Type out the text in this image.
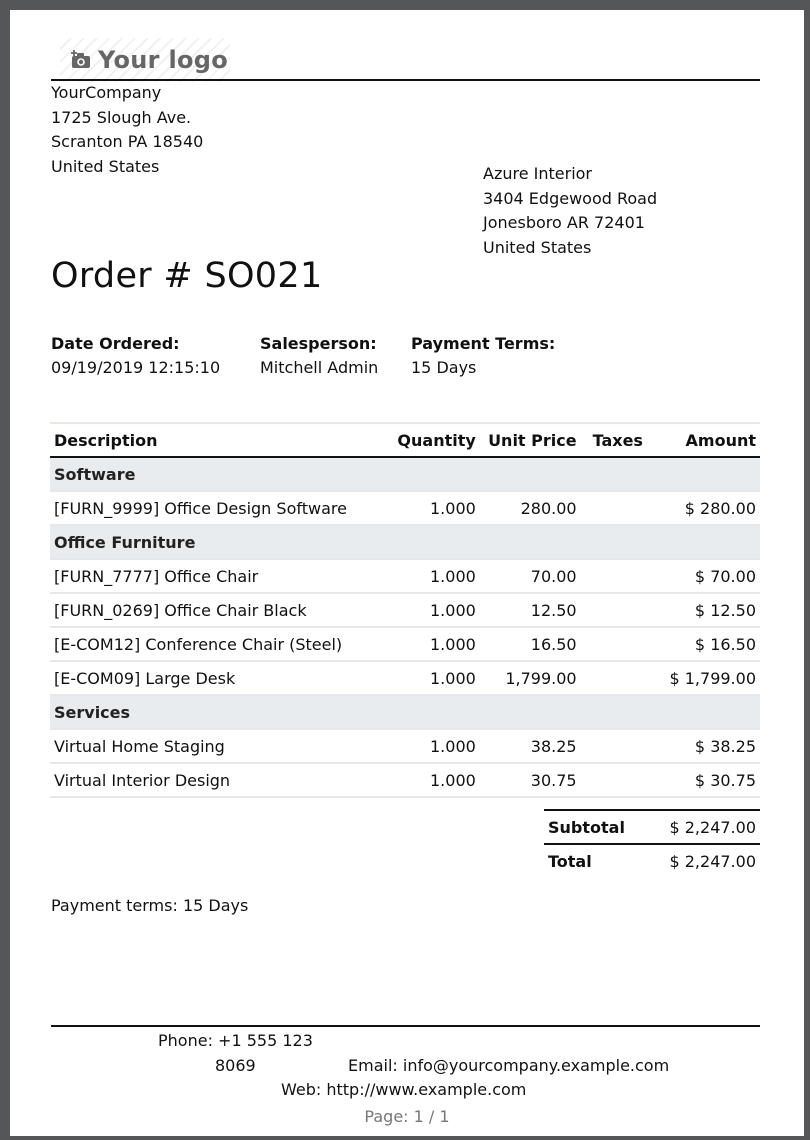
Your logo
YourCompany
1725 Slough Ave.
Scranton PA 18540
United States	Azure Interior
3404 Edgewood Road
Jonesboro AR 72401
United States
Order # SO021
Date Ordered:
09/19/2019 12:15:10
Salesperson:
Mitchell Admin
Payment Terms:
15 Days
Description	Quantity	Unit Price	Taxes	Amount
Software				
[FURN_9999] Office Design Software	1.000	280.00		$ 280.00
Office Furniture				
[FURN_7777] Office Chair	1.000	70.00		$ 70.00
[FURN_0269] Office Chair Black	1.000	12.50		$ 12.50
[E-COM12] Conference Chair (Steel)	1.000	16.50		$ 16.50
[E-COM09] Large Desk	1.000	1,799.00		$ 1,799.00
Services				
Virtual Home Staging	1.000	38.25		$ 38.25
Virtual Interior Design	1.000	30.75		$ 30.75
Subtotal	$ 2,247.00
Total	$ 2,247.00
Payment terms: 15 Days
Phone: +1 555 123
8069	Email: info@yourcompany.example.com
Web: http://www.example.com
Page: 1 / 1
